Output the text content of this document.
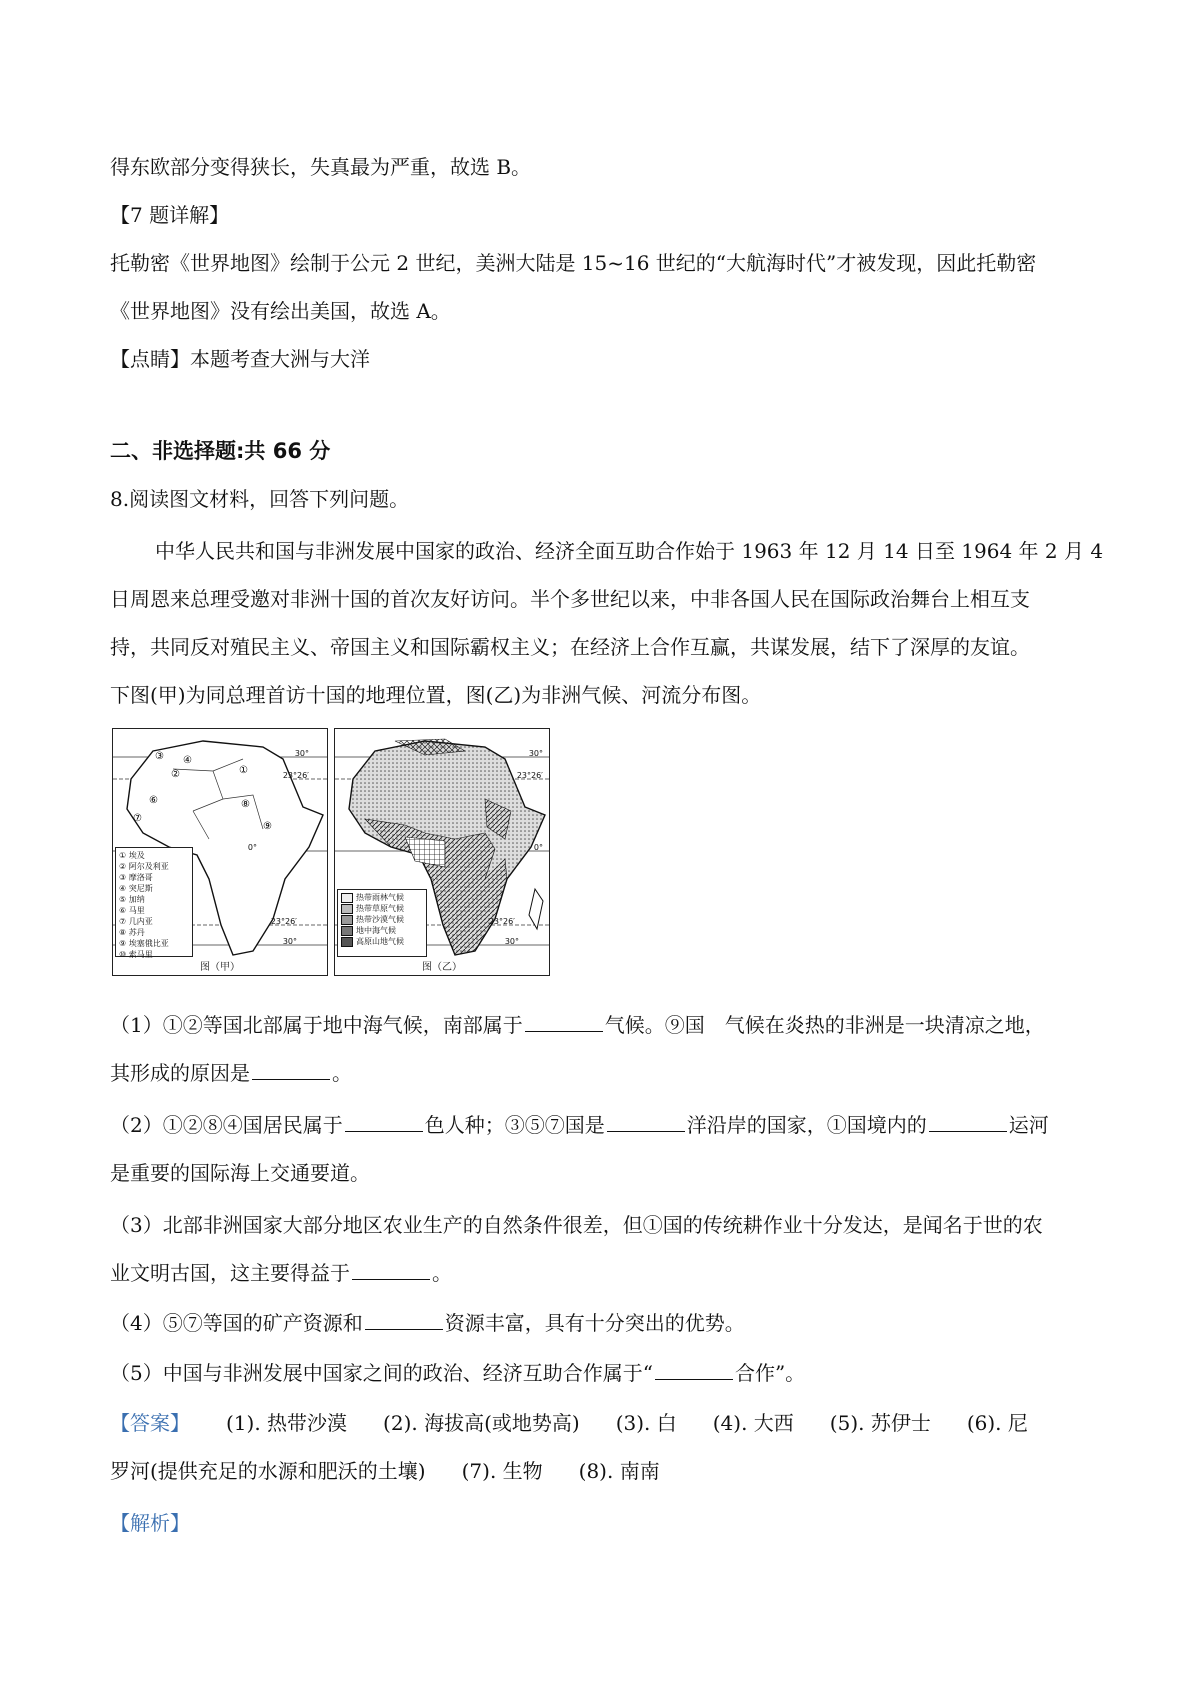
得东欧部分变得狭长，失真最为严重，故选 B。
【7 题详解】
托勒密《世界地图》绘制于公元 2 世纪，美洲大陆是 15~16 世纪的“大航海时代”才被发现，因此托勒密
《世界地图》没有绘出美国，故选 A。
【点睛】本题考查大洲与大洋
二、非选择题:共 66 分
8.阅读图文材料，回答下列问题。
中华人民共和国与非洲发展中国家的政治、经济全面互助合作始于 1963 年 12 月 14 日至 1964 年 2 月 4
日周恩来总理受邀对非洲十国的首次友好访问。半个多世纪以来，中非各国人民在国际政治舞台上相互支
持，共同反对殖民主义、帝国主义和国际霸权主义；在经济上合作互赢，共谋发展，结下了深厚的友谊。
下图(甲)为同总理首访十国的地理位置，图(乙)为非洲气候、河流分布图。
③ ④
②	①
⑥	⑧
⑦
⑨
30°
23°26′
0°
23°26′
30°
① 埃及
② 阿尔及利亚
③ 摩洛哥
④ 突尼斯
⑤ 加纳
⑥ 马里
⑦ 几内亚
⑧ 苏丹
⑨ 埃塞俄比亚
⑩ 索马里
图（甲）
23°26′
30°
0°
23°26′
30°
热带雨林气候
热带草原气候
热带沙漠气候
地中海气候
高原山地气候
图（乙）
（1）①②等国北部属于地中海气候，南部属于	气候。⑨国　气候在炎热的非洲是一块清凉之地，
其形成的原因是	。
（2）①②⑧④国居民属于	色人种；③⑤⑦国是	洋沿岸的国家，①国境内的	运河
是重要的国际海上交通要道。
（3）北部非洲国家大部分地区农业生产的自然条件很差，但①国的传统耕作业十分发达，是闻名于世的农
业文明古国，这主要得益于	。
（4）⑤⑦等国的矿产资源和	资源丰富，具有十分突出的优势。
（5）中国与非洲发展中国家之间的政治、经济互助合作属于“	合作”。
【答案】 (1). 热带沙漠 (2). 海拔高(或地势高) (3). 白 (4). 大西 (5). 苏伊士 (6). 尼
罗河(提供充足的水源和肥沃的土壤) (7). 生物 (8). 南南
【解析】
